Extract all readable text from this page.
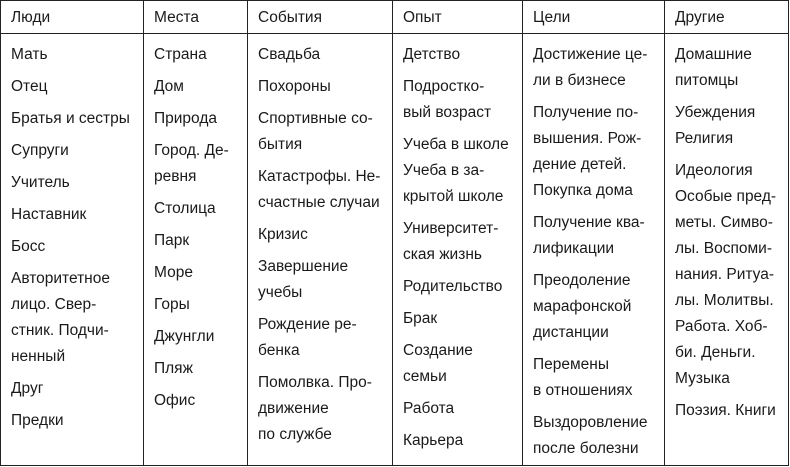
Люди
Мать
Отец
Братья и сестры
Супруги
Учитель
Наставник
Босс
Авторитетное
лицо. Свер-
стник. Подчи-
ненный
Друг
Предки
Места
Страна
Дом
Природа
Город. Де-
ревня
Столица
Парк
Море
Горы
Джунгли
Пляж
Офис
События
Свадьба
Похороны
Спортивные со-
бытия
Катастрофы. Не-
счастные случаи
Кризис
Завершение
учебы
Рождение ре-
бенка
Помолвка. Про-
движение
по службе
Опыт
Детство
Подростко-
вый возраст
Учеба в школе
Учеба в за-
крытой школе
Университет-
ская жизнь
Родительство
Брак
Создание
семьи
Работа
Карьера
Цели
Достижение це-
ли в бизнесе
Получение по-
вышения. Рож-
дение детей.
Покупка дома
Получение ква-
лификации
Преодоление
марафонской
дистанции
Перемены
в отношениях
Выздоровление
после болезни
Другие
Домашние
питомцы
Убеждения
Религия
Идеология
Особые пред-
меты. Симво-
лы. Воспоми-
нания. Ритуа-
лы. Молитвы.
Работа. Хоб-
би. Деньги.
Музыка
Поэзия. Книги
